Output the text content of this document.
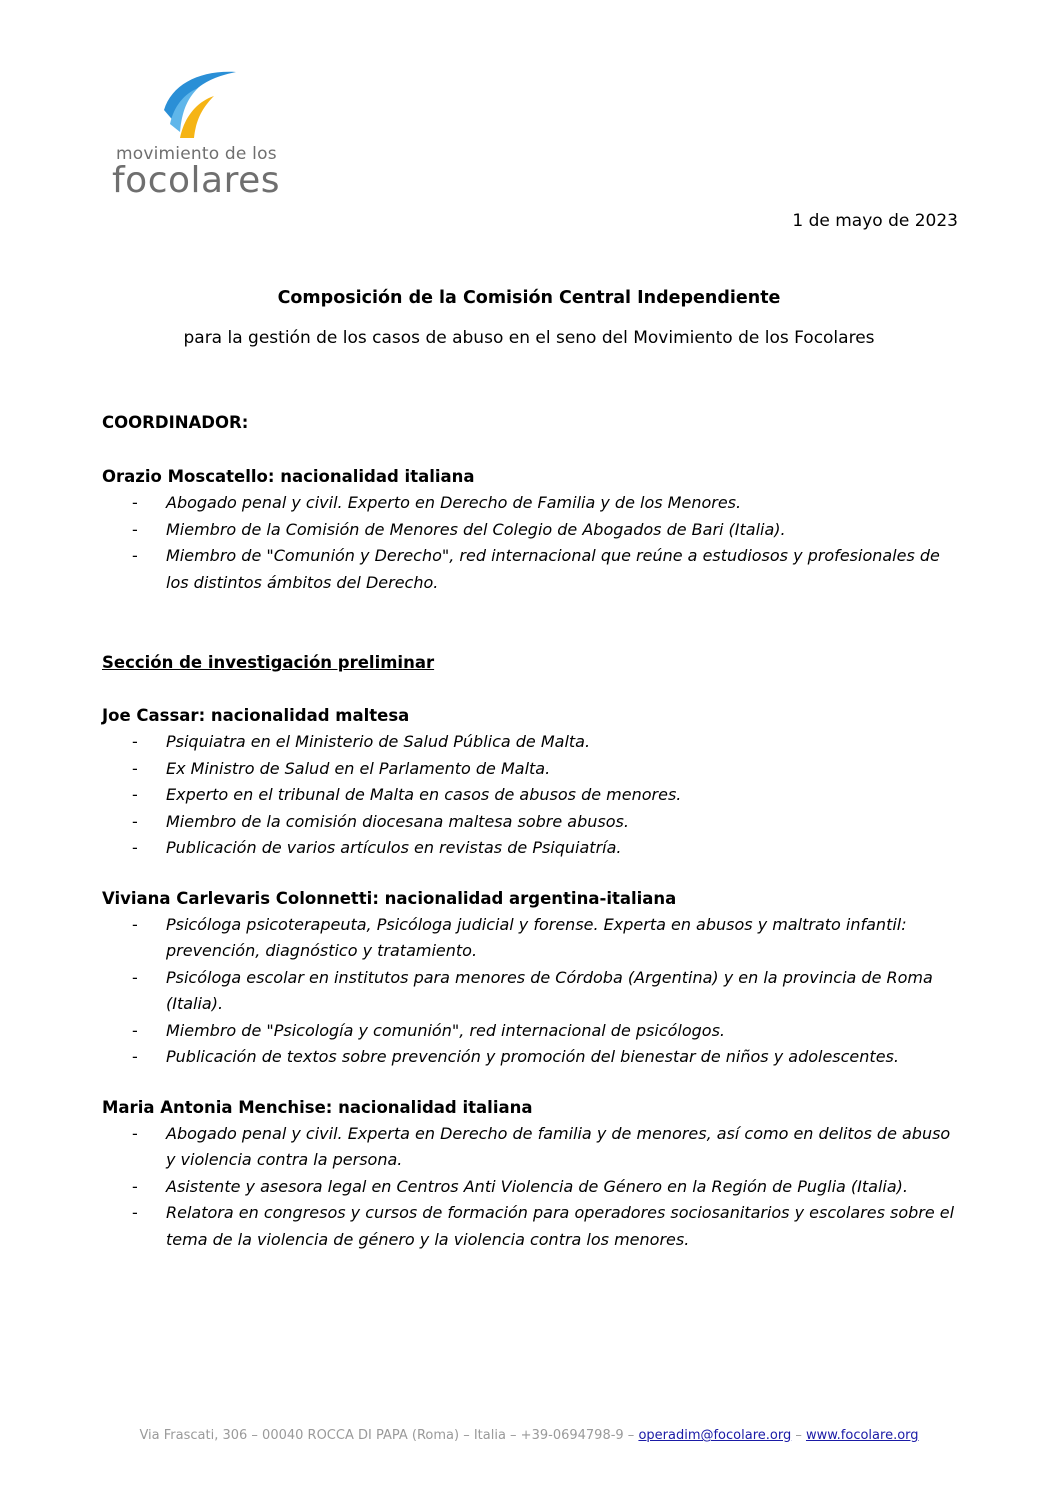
movimiento de los
focolares
1 de mayo de 2023
Composición de la Comisión Central Independiente
para la gestión de los casos de abuso en el seno del Movimiento de los Focolares
COORDINADOR:
Orazio Moscatello: nacionalidad italiana
- Abogado penal y civil. Experto en Derecho de Familia y de los Menores.
- Miembro de la Comisión de Menores del Colegio de Abogados de Bari (Italia).
- Miembro de "Comunión y Derecho", red internacional que reúne a estudiosos y profesionales de los distintos ámbitos del Derecho.
Sección de investigación preliminar
Joe Cassar: nacionalidad maltesa
- Psiquiatra en el Ministerio de Salud Pública de Malta.
- Ex Ministro de Salud en el Parlamento de Malta.
- Experto en el tribunal de Malta en casos de abusos de menores.
- Miembro de la comisión diocesana maltesa sobre abusos.
- Publicación de varios artículos en revistas de Psiquiatría.
Viviana Carlevaris Colonnetti: nacionalidad argentina-italiana
- Psicóloga psicoterapeuta, Psicóloga judicial y forense. Experta en abusos y maltrato infantil: prevención, diagnóstico y tratamiento.
- Psicóloga escolar en institutos para menores de Córdoba (Argentina) y en la provincia de Roma    (Italia).
- Miembro de "Psicología y comunión", red internacional de psicólogos.
- Publicación de textos sobre prevención y promoción del bienestar de niños y adolescentes.
Maria Antonia Menchise: nacionalidad italiana
- Abogado penal y civil. Experta en Derecho de familia y de menores, así como en delitos de abuso y violencia contra la persona.
- Asistente y asesora legal en Centros Anti Violencia de Género en la Región de Puglia (Italia).
- Relatora en congresos y cursos de formación para operadores sociosanitarios y escolares sobre el tema de la violencia de género y la violencia contra los menores.
Via Frascati, 306 – 00040 ROCCA DI PAPA (Roma) – Italia – +39-0694798-9 – operadim@focolare.org – www.focolare.org
